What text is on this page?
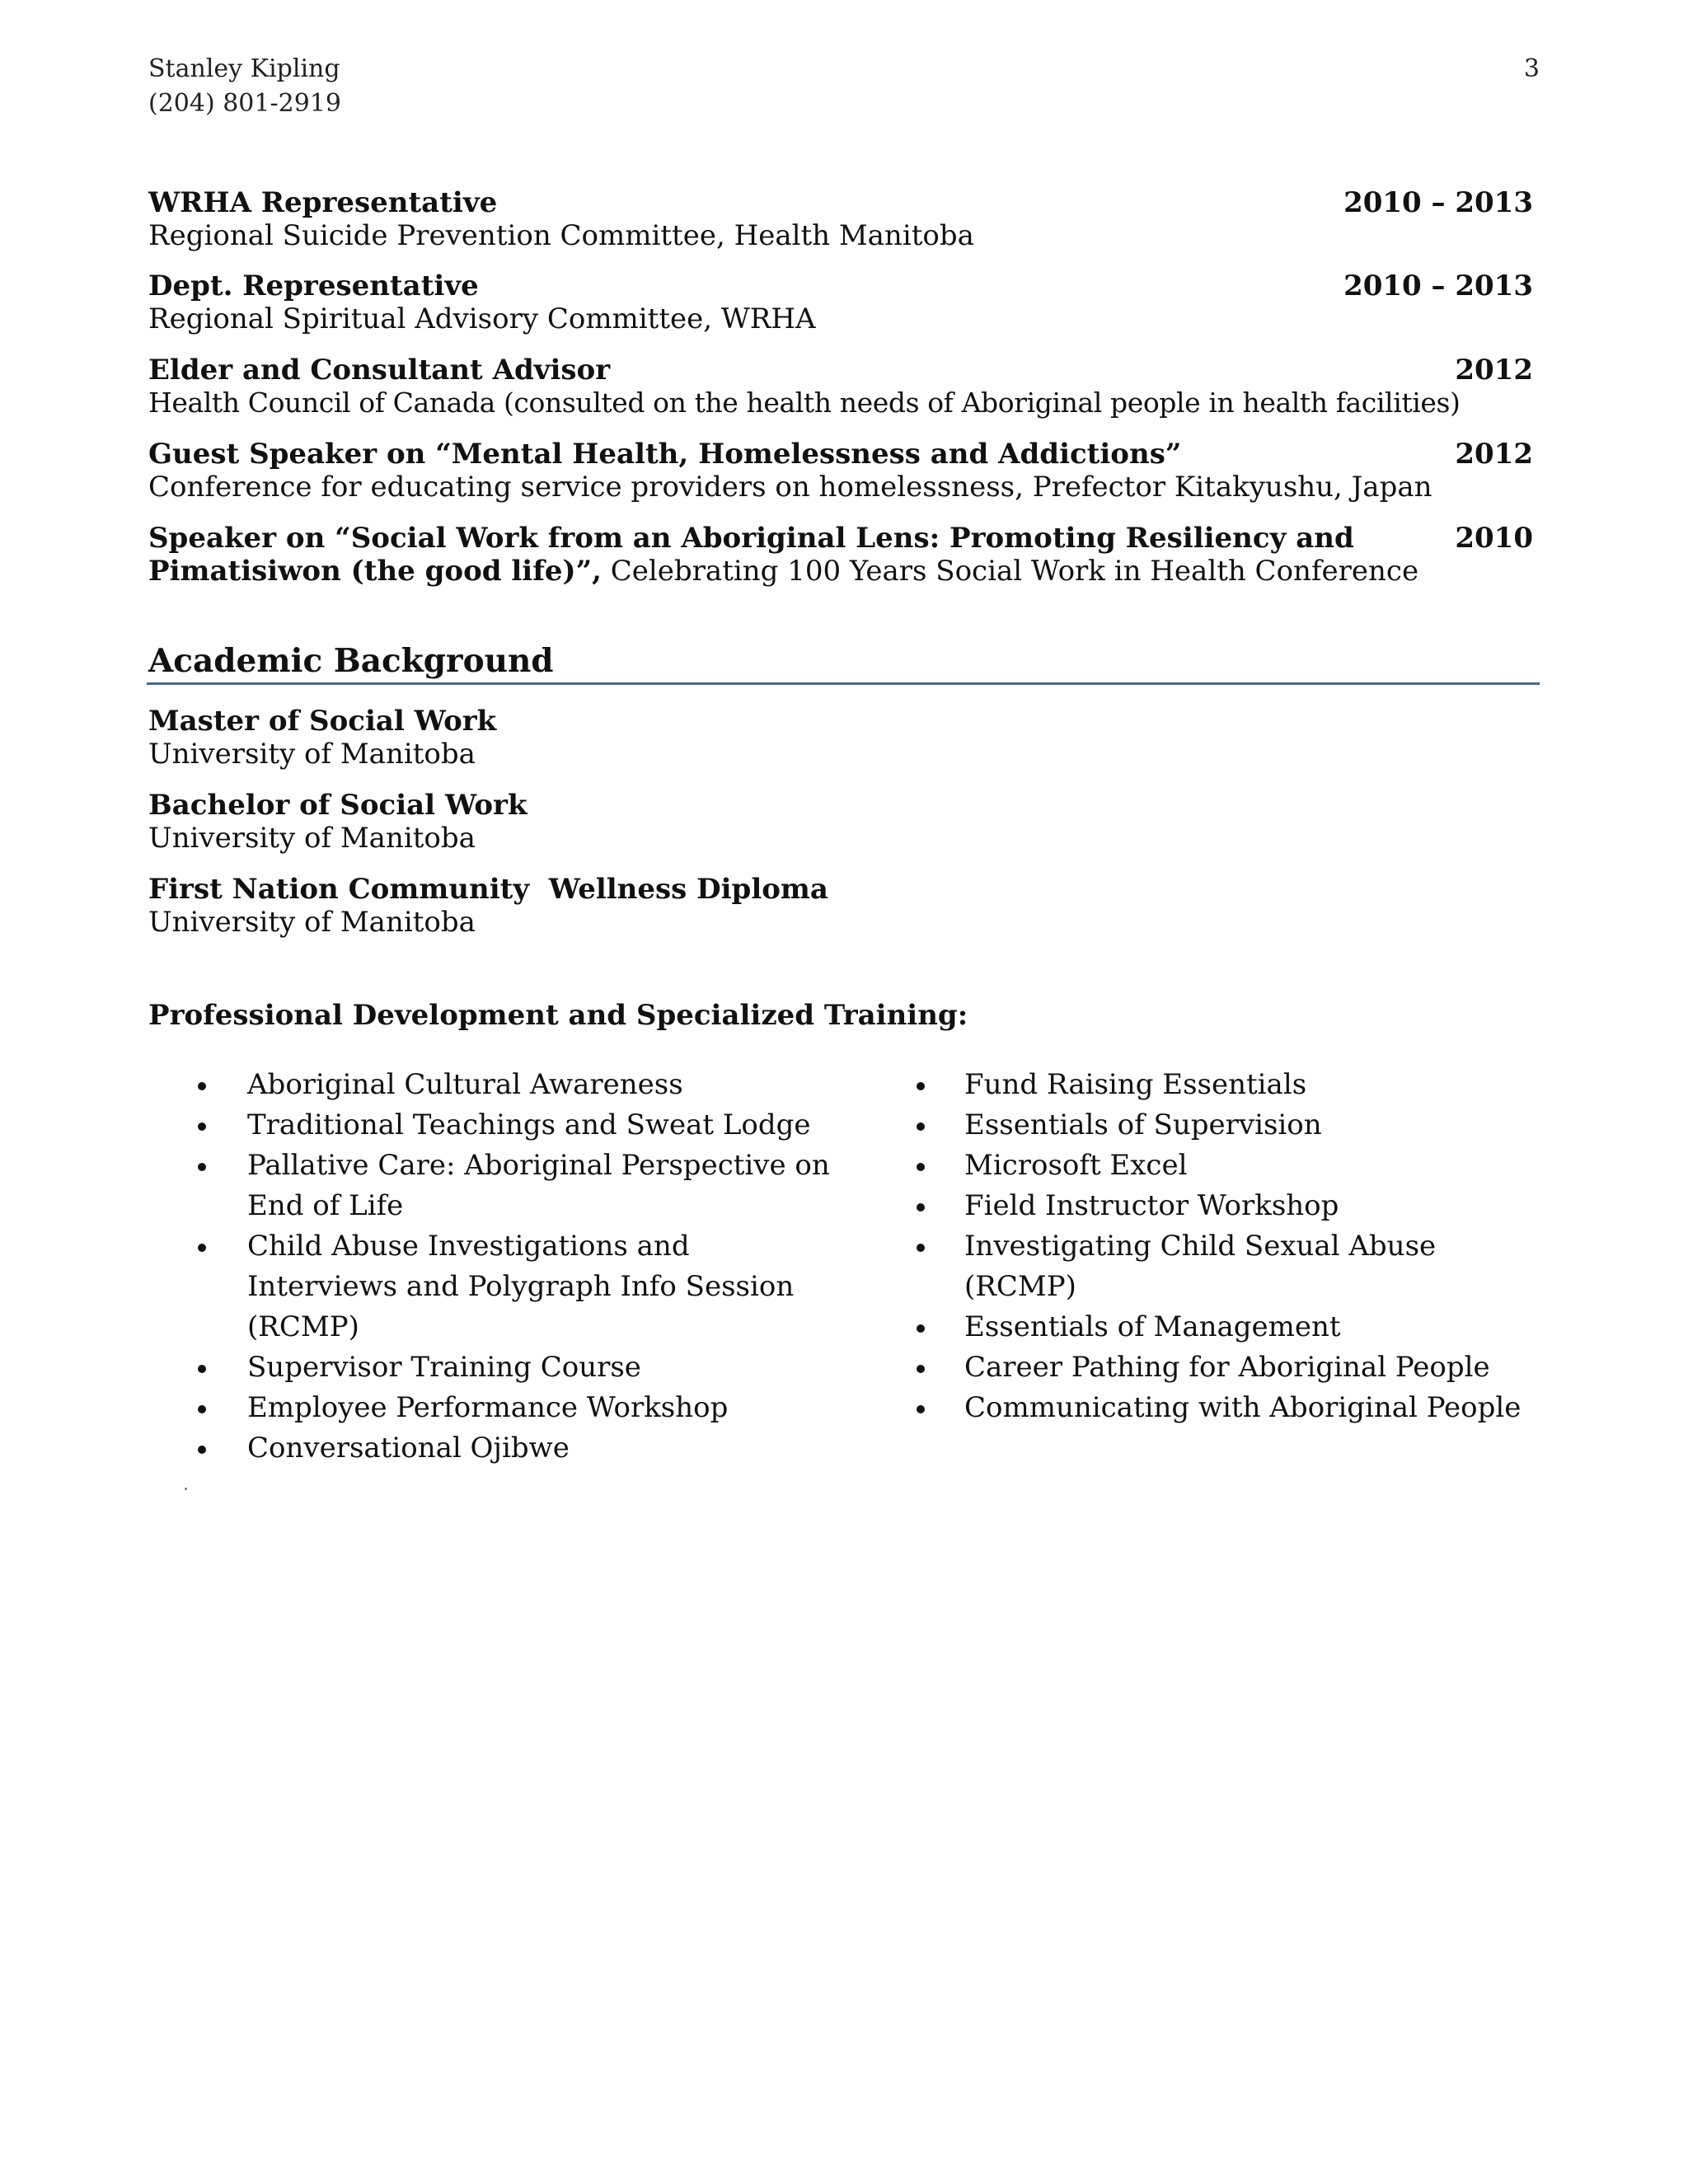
Stanley Kipling
(204) 801-2919
3
WRHA Representative	2010 – 2013
Regional Suicide Prevention Committee, Health Manitoba
Dept. Representative	2010 – 2013
Regional Spiritual Advisory Committee, WRHA
Elder and Consultant Advisor	2012
Health Council of Canada (consulted on the health needs of Aboriginal people in health facilities)
Guest Speaker on “Mental Health, Homelessness and Addictions”	2012
Conference for educating service providers on homelessness, Prefector Kitakyushu, Japan
Speaker on “Social Work from an Aboriginal Lens: Promoting Resiliency and	2010
Pimatisiwon (the good life)”, Celebrating 100 Years Social Work in Health Conference
Academic Background
Master of Social Work
University of Manitoba
Bachelor of Social Work
University of Manitoba
First Nation Community  Wellness Diploma
University of Manitoba
Professional Development and Specialized Training:
Aboriginal Cultural Awareness
Traditional Teachings and Sweat Lodge
Pallative Care: Aboriginal Perspective on
End of Life
Child Abuse Investigations and
Interviews and Polygraph Info Session
(RCMP)
Supervisor Training Course
Employee Performance Workshop
Conversational Ojibwe
Fund Raising Essentials
Essentials of Supervision
Microsoft Excel
Field Instructor Workshop
Investigating Child Sexual Abuse
(RCMP)
Essentials of Management
Career Pathing for Aboriginal People
Communicating with Aboriginal People
